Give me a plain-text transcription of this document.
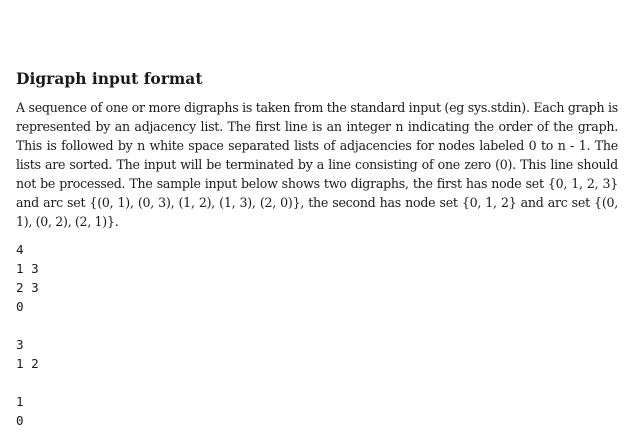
Digraph input format

A sequence of one or more digraphs is taken from the standard input (eg sys.stdin). Each graph is represented by an adjacency list. The first line is an integer n indicating the order of the graph. This is followed by n white space separated lists of adjacencies for nodes labeled 0 to n - 1. The lists are sorted. The input will be terminated by a line consisting of one zero (0). This line should not be processed. The sample input below shows two digraphs, the first has node set {0, 1, 2, 3} and arc set {(0, 1), (0, 3), (1, 2), (1, 3), (2, 0)}, the second has node set {0, 1, 2} and arc set {(0, 1), (0, 2), (2, 1)}.

4
1 3
2 3
0
3
1 2
1
0
